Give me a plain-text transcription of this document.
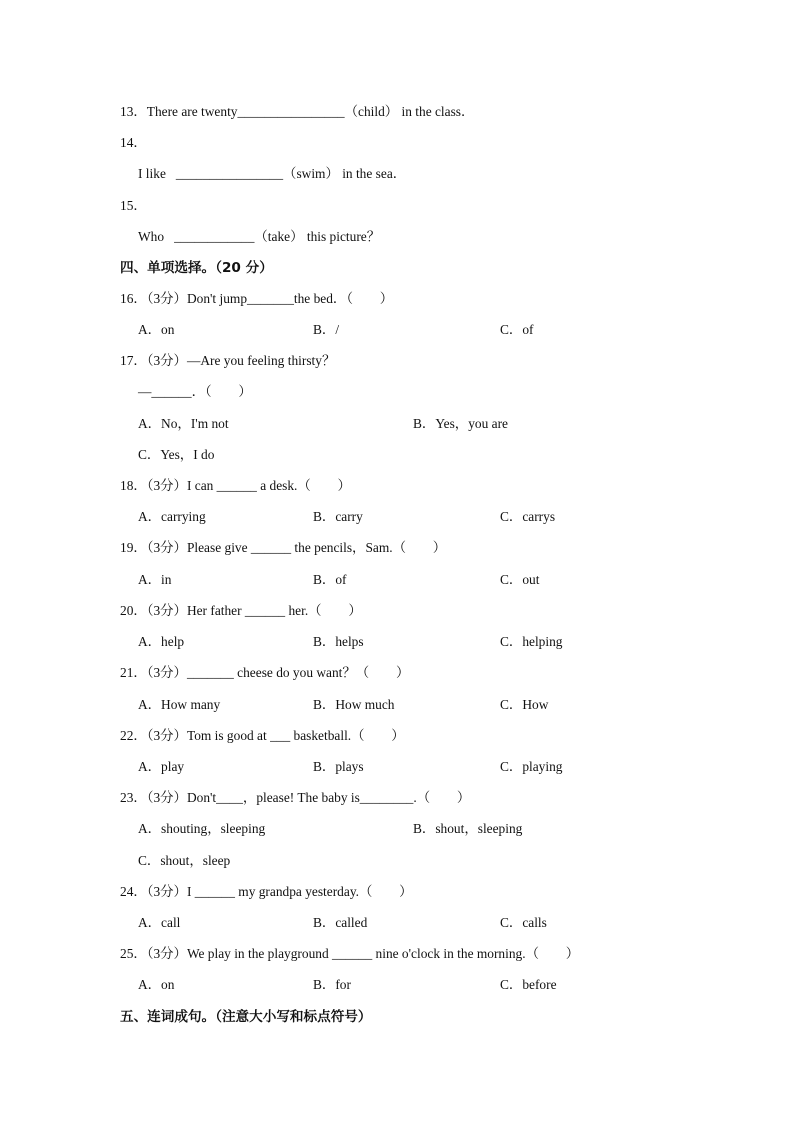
13．There are twenty________________（child） in the class．
14．
I like   ________________（swim） in the sea．
15．
Who   ____________（take） this picture？
四、单项选择。（20 分）
16．（3分）Don't jump_______the bed．（　　）
A．on	B．/	C．of
17．（3分）—Are you feeling thirsty？
—______．（　　）
A．No，I'm not	B．Yes，you are
C．Yes，I do
18．（3分）I can ______ a desk.（　　）
A．carrying	B．carry	C．carrys
19．（3分）Please give ______ the pencils，Sam.（　　）
A．in	B．of	C．out
20．（3分）Her father ______ her.（　　）
A．help	B．helps	C．helping
21．（3分）_______ cheese do you want？（　　）
A．How many	B．How much	C．How
22．（3分）Tom is good at ___ basketball.（　　）
A．play	B．plays	C．playing
23．（3分）Don't____，please! The baby is________.（　　）
A．shouting，sleeping	B．shout，sleeping
C．shout，sleep
24．（3分）I ______ my grandpa yesterday.（　　）
A．call	B．called	C．calls
25．（3分）We play in the playground ______ nine o'clock in the morning.（　　）
A．on	B．for	C．before
五、连词成句。（注意大小写和标点符号）
